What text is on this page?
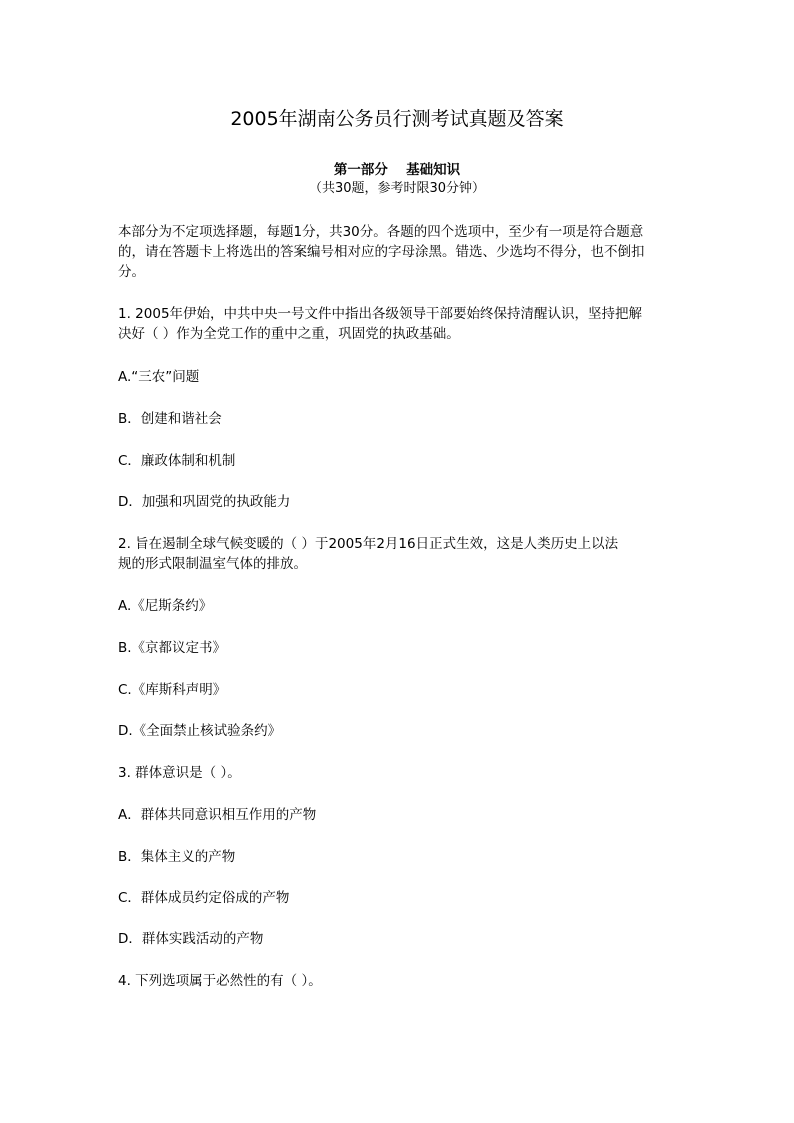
2005年湖南公务员行测考试真题及答案
第一部分　 基础知识
（共30题，参考时限30分钟）
本部分为不定项选择题，每题1分，共30分。各题的四个选项中，至少有一项是符合题意
的，请在答题卡上将选出的答案编号相对应的字母涂黑。错选、少选均不得分，也不倒扣
分。
1. 2005年伊始，中共中央一号文件中指出各级领导干部要始终保持清醒认识，坚持把解
决好（ ）作为全党工作的重中之重，巩固党的执政基础。
A.“三农”问题
B．创建和谐社会
C．廉政体制和机制
D．加强和巩固党的执政能力
2. 旨在遏制全球气候变暖的（ ）于2005年2月16日正式生效，这是人类历史上以法
规的形式限制温室气体的排放。
A.《尼斯条约》
B.《京都议定书》
C.《库斯科声明》
D.《全面禁止核试验条约》
3. 群体意识是（ ）。
A．群体共同意识相互作用的产物
B．集体主义的产物
C．群体成员约定俗成的产物
D．群体实践活动的产物
4. 下列选项属于必然性的有（ ）。
